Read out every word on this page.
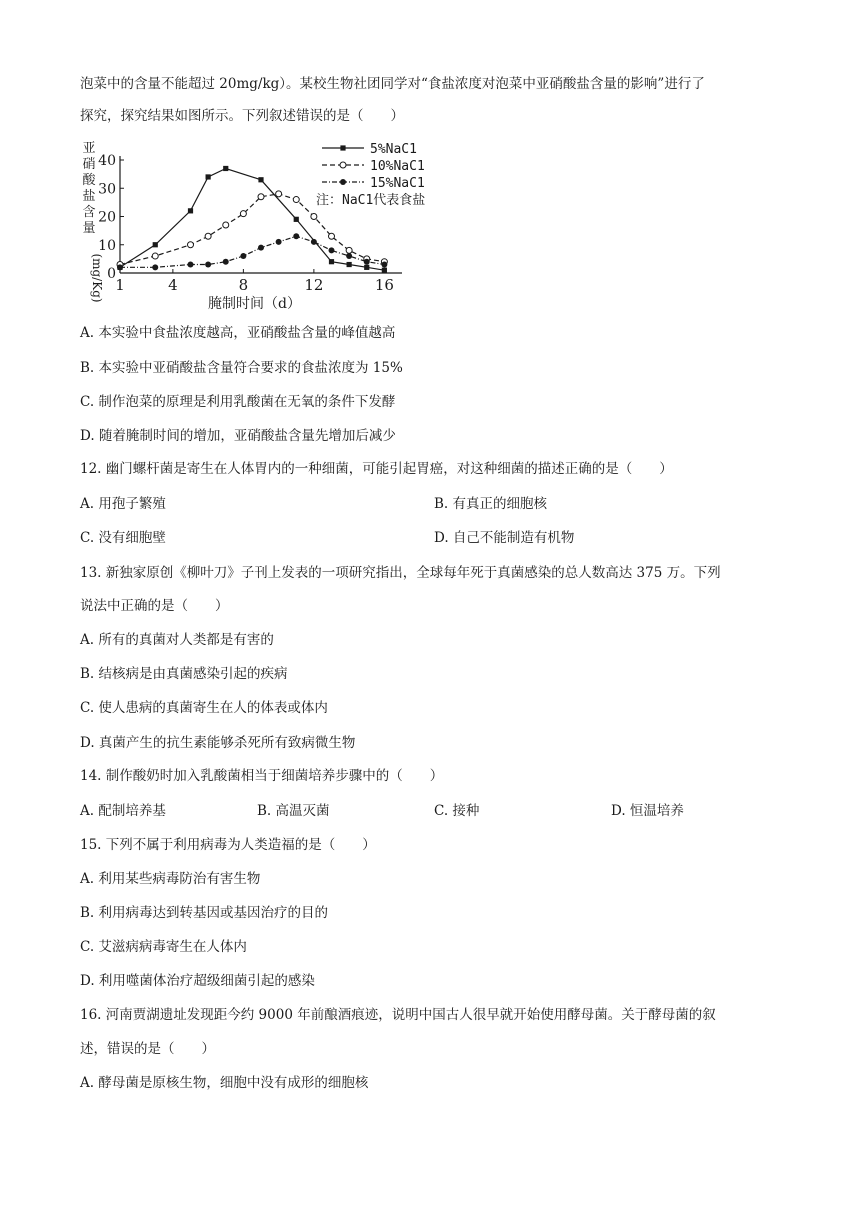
泡菜中的含量不能超过 20mg/kg）。某校生物社团同学对“食盐浓度对泡菜中亚硝酸盐含量的影响”进行了
探究，探究结果如图所示。下列叙述错误的是（　　）
亚
硝
酸
盐
含
量
(mg/Kg) 1	4	8	12	16
0
10
20
30
40
5%NaC1
10%NaC1
15%NaC1
注：NaC1代表食盐
腌制时间（d）
A. 本实验中食盐浓度越高，亚硝酸盐含量的峰值越高
B. 本实验中亚硝酸盐含量符合要求的食盐浓度为 15%
C. 制作泡菜的原理是利用乳酸菌在无氧的条件下发酵
D. 随着腌制时间的增加，亚硝酸盐含量先增加后减少
12. 幽门螺杆菌是寄生在人体胃内的一种细菌，可能引起胃癌，对这种细菌的描述正确的是（　　）
A. 用孢子繁殖	B. 有真正的细胞核
C. 没有细胞壁	D. 自己不能制造有机物
13. 新独家原创《柳叶刀》子刊上发表的一项研究指出，全球每年死于真菌感染的总人数高达 375 万。下列
说法中正确的是（　　）
A. 所有的真菌对人类都是有害的
B. 结核病是由真菌感染引起的疾病
C. 使人患病的真菌寄生在人的体表或体内
D. 真菌产生的抗生素能够杀死所有致病微生物
14. 制作酸奶时加入乳酸菌相当于细菌培养步骤中的（　　）
A. 配制培养基	B. 高温灭菌	C. 接种	D. 恒温培养
15. 下列不属于利用病毒为人类造福的是（　　）
A. 利用某些病毒防治有害生物
B. 利用病毒达到转基因或基因治疗的目的
C. 艾滋病病毒寄生在人体内
D. 利用噬菌体治疗超级细菌引起的感染
16. 河南贾湖遗址发现距今约 9000 年前酿酒痕迹，说明中国古人很早就开始使用酵母菌。关于酵母菌的叙
述，错误的是（　　）
A. 酵母菌是原核生物，细胞中没有成形的细胞核
